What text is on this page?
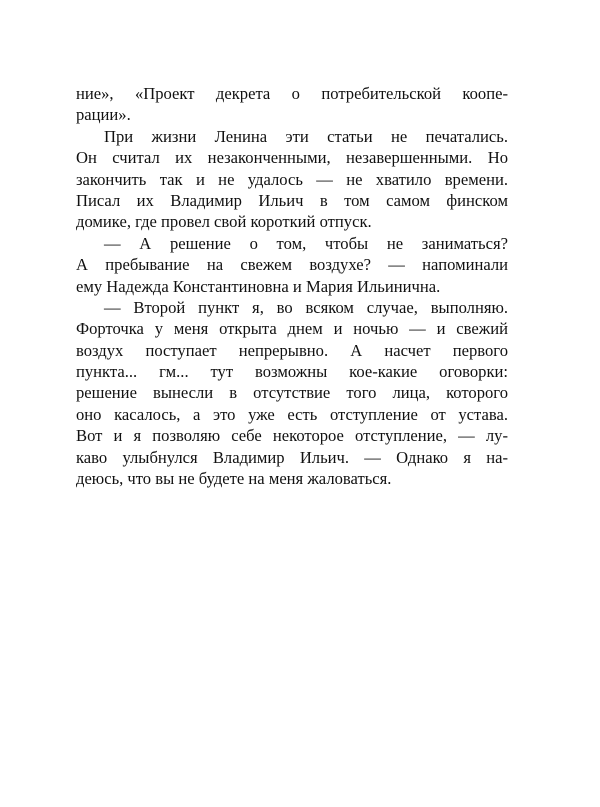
ние», «Проект декрета о потребительской коопе-
рации».
При жизни Ленина эти статьи не печатались.
Он считал их незаконченными, незавершенными. Но
закончить так и не удалось — не хватило времени.
Писал их Владимир Ильич в том самом финском
домике, где провел свой короткий отпуск.
— А решение о том, чтобы не заниматься?
А пребывание на свежем воздухе? — напоминали
ему Надежда Константиновна и Мария Ильинична.
— Второй пункт я, во всяком случае, выполняю.
Форточка у меня открыта днем и ночью — и свежий
воздух поступает непрерывно. А насчет первого
пункта... гм... тут возможны кое-какие оговорки:
решение вынесли в отсутствие того лица, которого
оно касалось, а это уже есть отступление от устава.
Вот и я позволяю себе некоторое отступление, — лу-
каво улыбнулся Владимир Ильич. — Однако я на-
деюсь, что вы не будете на меня жаловаться.
